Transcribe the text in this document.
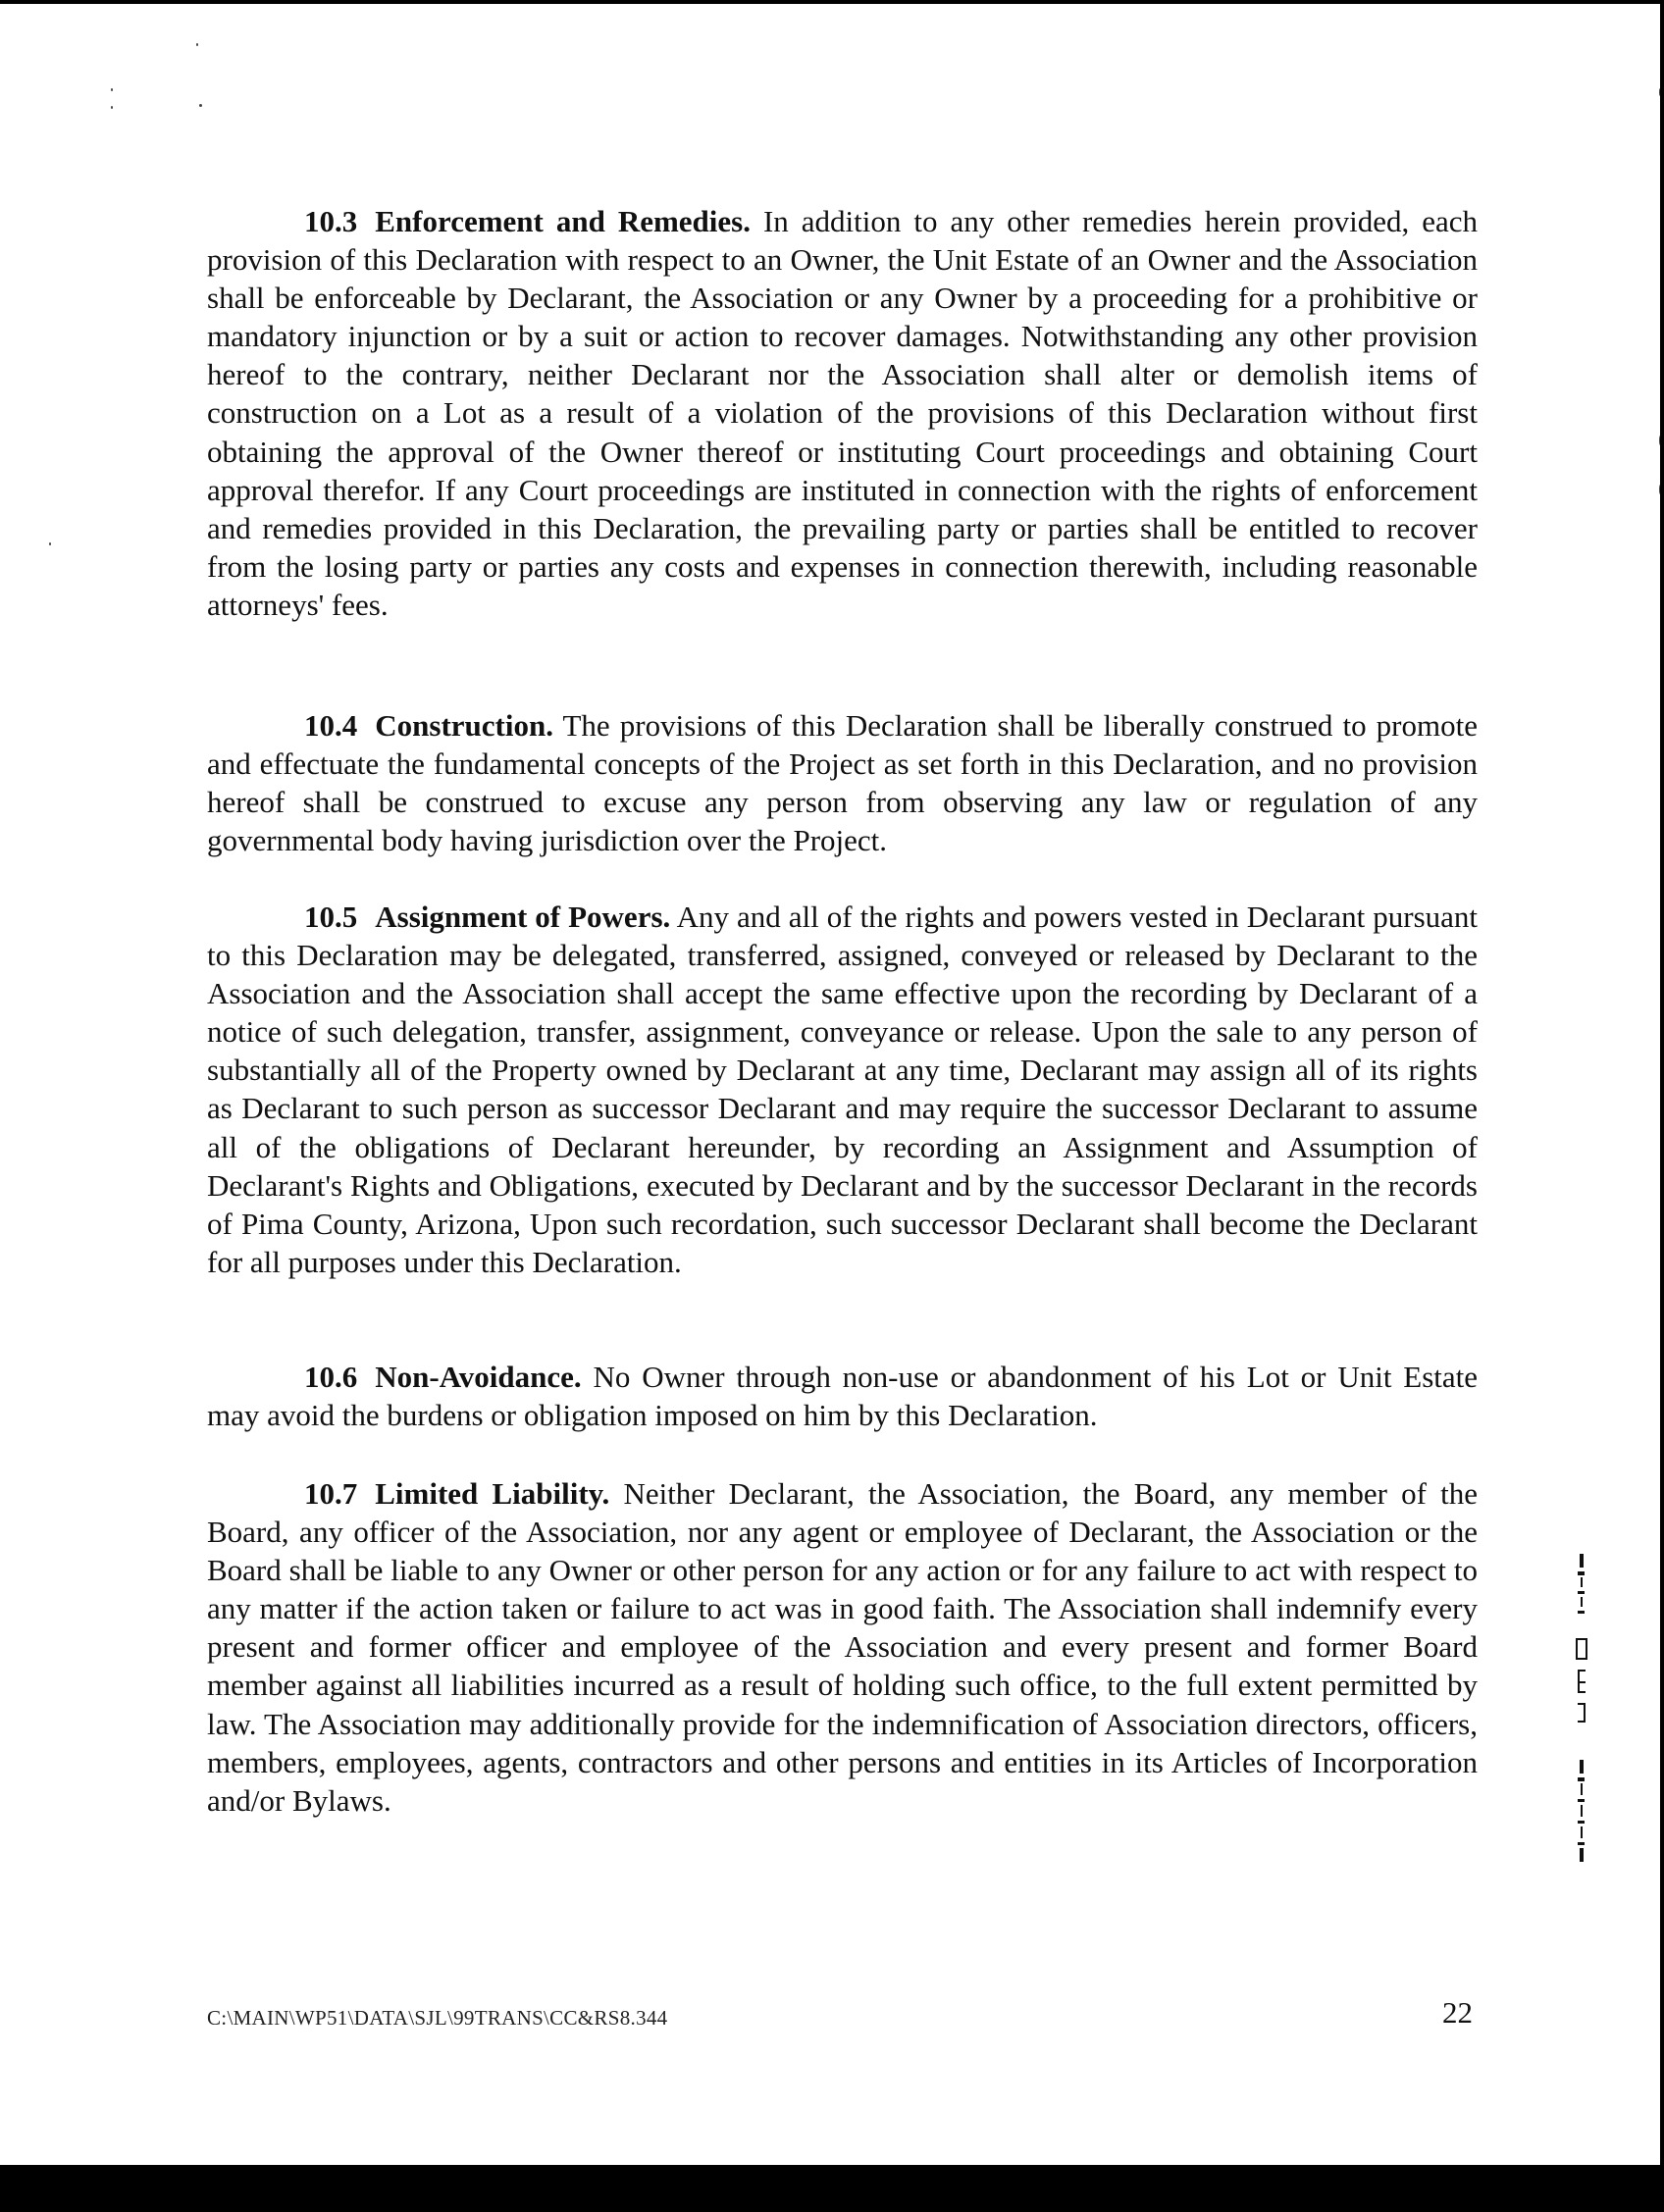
10.3 Enforcement and Remedies. In addition to any other remedies herein provided, each provision of this Declaration with respect to an Owner, the Unit Estate of an Owner and the Association shall be enforceable by Declarant, the Association or any Owner by a proceeding for a prohibitive or mandatory injunction or by a suit or action to recover damages. Notwithstanding any other provision hereof to the contrary, neither Declarant nor the Association shall alter or demolish items of construction on a Lot as a result of a violation of the provisions of this Declaration without first obtaining the approval of the Owner thereof or instituting Court proceedings and obtaining Court approval therefor. If any Court proceedings are instituted in connection with the rights of enforcement and remedies provided in this Declaration, the prevailing party or parties shall be entitled to recover from the losing party or parties any costs and expenses in connection therewith, including reasonable attorneys' fees.

10.4 Construction. The provisions of this Declaration shall be liberally construed to promote and effectuate the fundamental concepts of the Project as set forth in this Declaration, and no provision hereof shall be construed to excuse any person from observing any law or regulation of any governmental body having jurisdiction over the Project.

10.5 Assignment of Powers. Any and all of the rights and powers vested in Declarant pursuant to this Declaration may be delegated, transferred, assigned, conveyed or released by Declarant to the Association and the Association shall accept the same effective upon the recording by Declarant of a notice of such delegation, transfer, assignment, conveyance or release. Upon the sale to any person of substantially all of the Property owned by Declarant at any time, Declarant may assign all of its rights as Declarant to such person as successor Declarant and may require the successor Declarant to assume all of the obligations of Declarant hereunder, by recording an Assignment and Assumption of Declarant's Rights and Obligations, executed by Declarant and by the successor Declarant in the records of Pima County, Arizona, Upon such recordation, such successor Declarant shall become the Declarant for all purposes under this Declaration.

10.6 Non-Avoidance. No Owner through non-use or abandonment of his Lot or Unit Estate may avoid the burdens or obligation imposed on him by this Declaration.

10.7 Limited Liability. Neither Declarant, the Association, the Board, any member of the Board, any officer of the Association, nor any agent or employee of Declarant, the Association or the Board shall be liable to any Owner or other person for any action or for any failure to act with respect to any matter if the action taken or failure to act was in good faith. The Association shall indemnify every present and former officer and employee of the Association and every present and former Board member against all liabilities incurred as a result of holding such office, to the full extent permitted by law. The Association may additionally provide for the indemnification of Association directors, officers, members, employees, agents, contractors and other persons and entities in its Articles of Incorporation and/or Bylaws.

C:\MAIN\WP51\DATA\SJL\99TRANS\CC&RS8.344	22
